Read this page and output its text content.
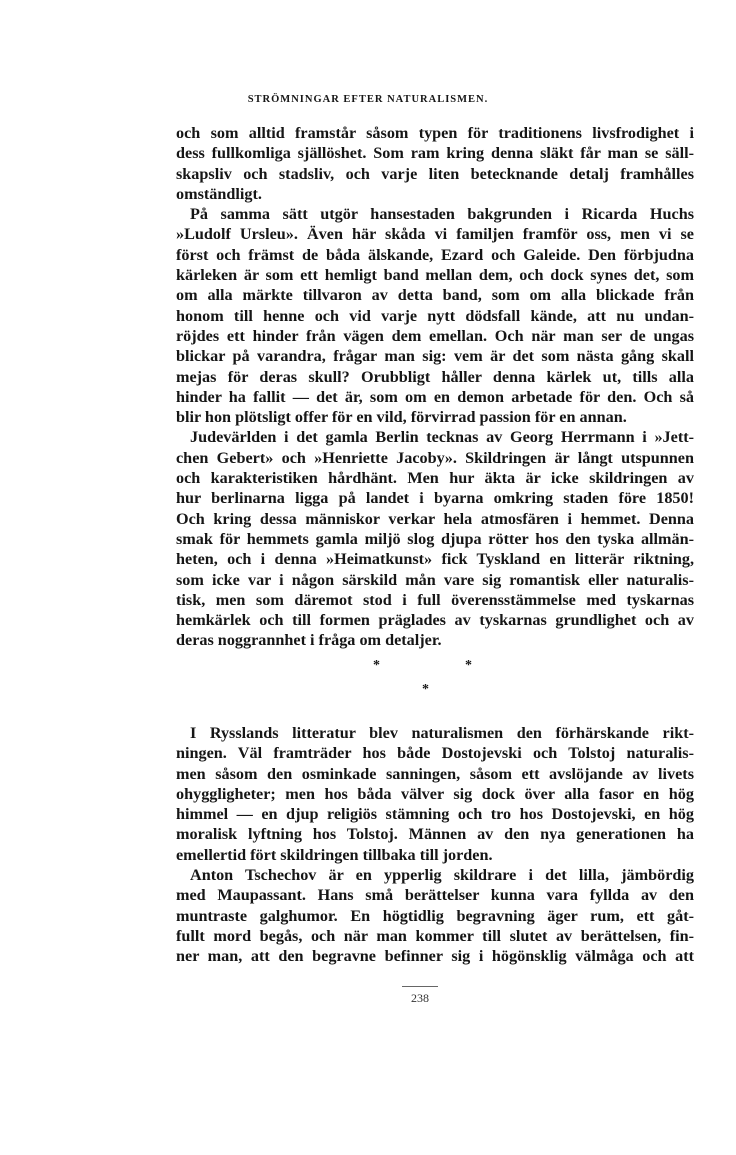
STRÖMNINGAR EFTER NATURALISMEN.
och som alltid framstår såsom typen för traditionens livsfrodighet i
dess fullkomliga själlöshet. Som ram kring denna släkt får man se säll-
skapsliv och stadsliv, och varje liten betecknande detalj framhålles
omständligt.
På samma sätt utgör hansestaden bakgrunden i Ricarda Huchs
»Ludolf Ursleu». Även här skåda vi familjen framför oss, men vi se
först och främst de båda älskande, Ezard och Galeide. Den förbjudna
kärleken är som ett hemligt band mellan dem, och dock synes det, som
om alla märkte tillvaron av detta band, som om alla blickade från
honom till henne och vid varje nytt dödsfall kände, att nu undan-
röjdes ett hinder från vägen dem emellan. Och när man ser de ungas
blickar på varandra, frågar man sig: vem är det som nästa gång skall
mejas för deras skull? Orubbligt håller denna kärlek ut, tills alla
hinder ha fallit — det är, som om en demon arbetade för den. Och så
blir hon plötsligt offer för en vild, förvirrad passion för en annan.
Judevärlden i det gamla Berlin tecknas av Georg Herrmann i »Jett-
chen Gebert» och »Henriette Jacoby». Skildringen är långt utspunnen
och karakteristiken hårdhänt. Men hur äkta är icke skildringen av
hur berlinarna ligga på landet i byarna omkring staden före 1850!
Och kring dessa människor verkar hela atmosfären i hemmet. Denna
smak för hemmets gamla miljö slog djupa rötter hos den tyska allmän-
heten, och i denna »Heimatkunst» fick Tyskland en litterär riktning,
som icke var i någon särskild mån vare sig romantisk eller naturalis-
tisk, men som däremot stod i full överensstämmelse med tyskarnas
hemkärlek och till formen präglades av tyskarnas grundlighet och av
deras noggrannhet i fråga om detaljer.
*	*
*
I Rysslands litteratur blev naturalismen den förhärskande rikt-
ningen. Väl framträder hos både Dostojevski och Tolstoj naturalis-
men såsom den osminkade sanningen, såsom ett avslöjande av livets
ohyggligheter; men hos båda välver sig dock över alla fasor en hög
himmel — en djup religiös stämning och tro hos Dostojevski, en hög
moralisk lyftning hos Tolstoj. Männen av den nya generationen ha
emellertid fört skildringen tillbaka till jorden.
Anton Tschechov är en ypperlig skildrare i det lilla, jämbördig
med Maupassant. Hans små berättelser kunna vara fyllda av den
muntraste galghumor. En högtidlig begravning äger rum, ett gåt-
fullt mord begås, och när man kommer till slutet av berättelsen, fin-
ner man, att den begravne befinner sig i högönsklig välmåga och att
238
